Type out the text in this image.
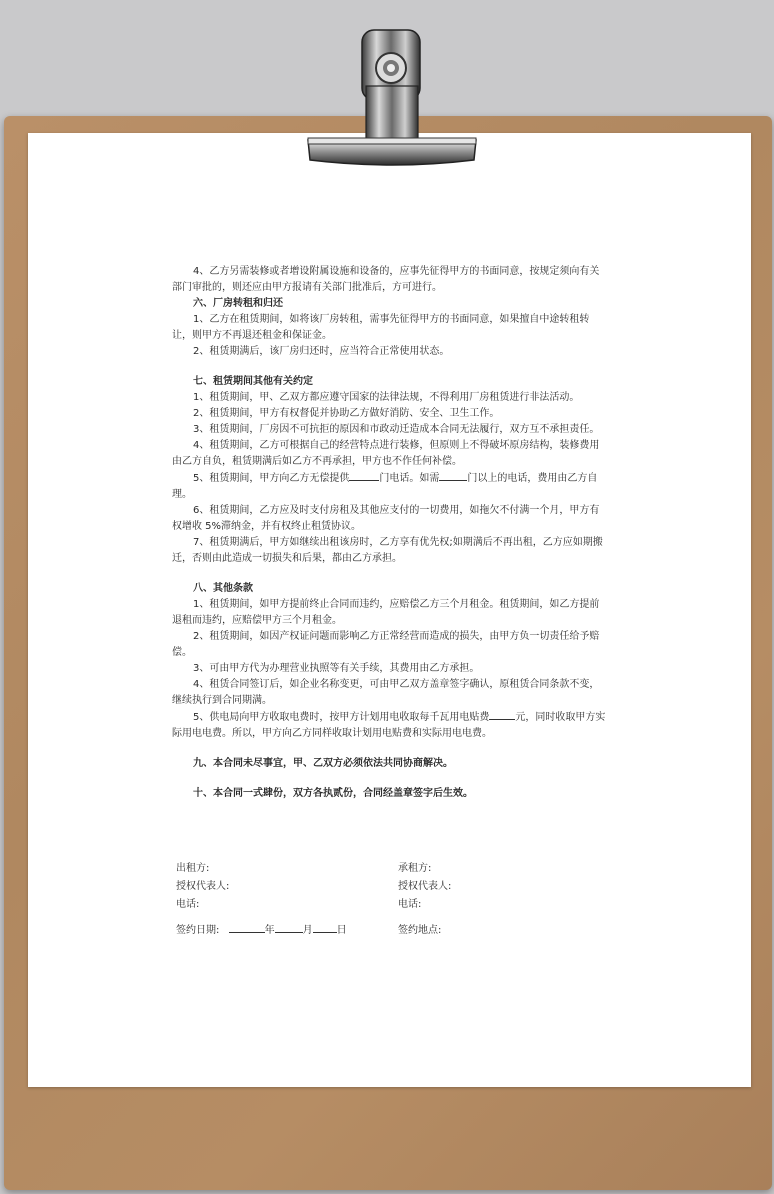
4、乙方另需装修或者增设附属设施和设备的，应事先征得甲方的书面同意，按规定须向有关部门审批的，则还应由甲方报请有关部门批准后，方可进行。

六、厂房转租和归还

1、乙方在租赁期间，如将该厂房转租，需事先征得甲方的书面同意，如果擅自中途转租转让，则甲方不再退还租金和保证金。

2、租赁期满后，该厂房归还时，应当符合正常使用状态。

七、租赁期间其他有关约定

1、租赁期间，甲、乙双方都应遵守国家的法律法规，不得利用厂房租赁进行非法活动。

2、租赁期间，甲方有权督促并协助乙方做好消防、安全、卫生工作。

3、租赁期间，厂房因不可抗拒的原因和市政动迁造成本合同无法履行，双方互不承担责任。

4、租赁期间，乙方可根据自己的经营特点进行装修，但原则上不得破坏原房结构，装修费用由乙方自负，租赁期满后如乙方不再承担，甲方也不作任何补偿。

5、租赁期间，甲方向乙方无偿提供	门电话。如需	门以上的电话，费用由乙方自理。

6、租赁期间，乙方应及时支付房租及其他应支付的一切费用，如拖欠不付满一个月，甲方有权增收 5%滞纳金，并有权终止租赁协议。

7、租赁期满后，甲方如继续出租该房时，乙方享有优先权;如期满后不再出租，乙方应如期搬迁，否则由此造成一切损失和后果，都由乙方承担。

八、其他条款

1、租赁期间，如甲方提前终止合同而违约，应赔偿乙方三个月租金。租赁期间，如乙方提前退租而违约，应赔偿甲方三个月租金。

2、租赁期间，如因产权证问题而影响乙方正常经营而造成的损失，由甲方负一切责任给予赔偿。

3、可由甲方代为办理营业执照等有关手续，其费用由乙方承担。

4、租赁合同签订后，如企业名称变更，可由甲乙双方盖章签字确认，原租赁合同条款不变，继续执行到合同期满。

5、供电局向甲方收取电费时，按甲方计划用电收取每千瓦用电贴费	元，同时收取甲方实际用电电费。所以，甲方向乙方同样收取计划用电贴费和实际用电电费。

九、本合同未尽事宜，甲、乙双方必须依法共同协商解决。

十、本合同一式肆份，双方各执贰份，合同经盖章签字后生效。

出租方:	承租方:
授权代表人:	授权代表人:
电话:	电话:
签约日期:	年	月 日	签约地点:
